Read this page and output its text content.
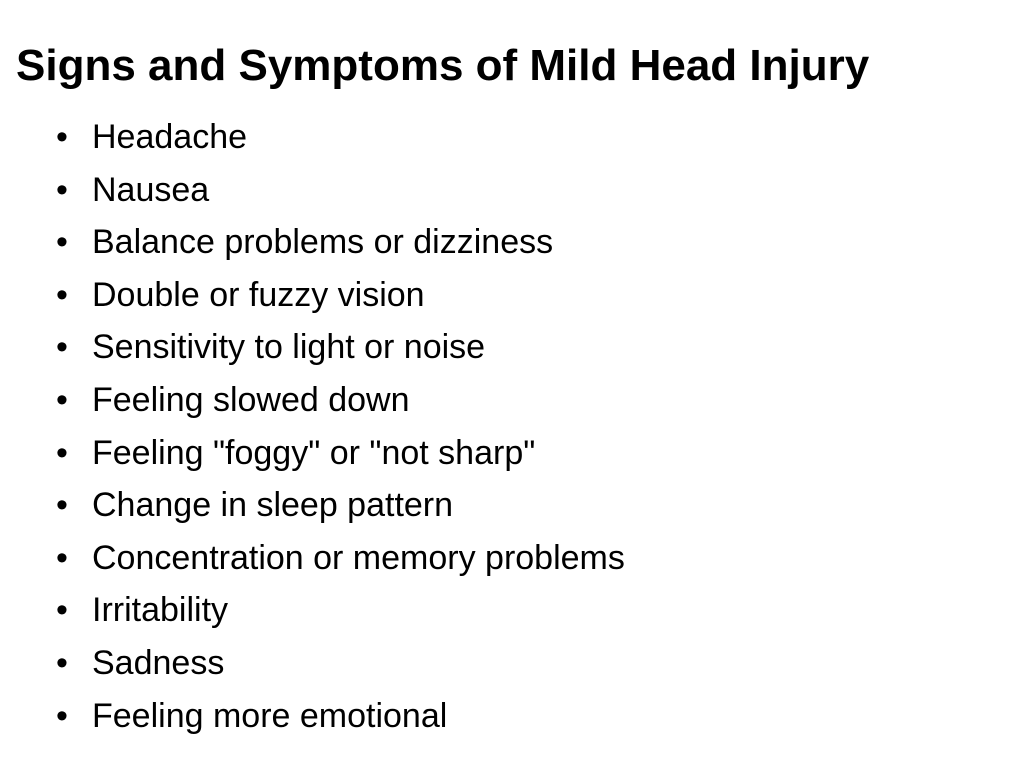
Signs and Symptoms of Mild Head Injury
• Headache
• Nausea
• Balance problems or dizziness
• Double or fuzzy vision
• Sensitivity to light or noise
• Feeling slowed down
• Feeling "foggy" or "not sharp"
• Change in sleep pattern
• Concentration or memory problems
• Irritability
• Sadness
• Feeling more emotional
